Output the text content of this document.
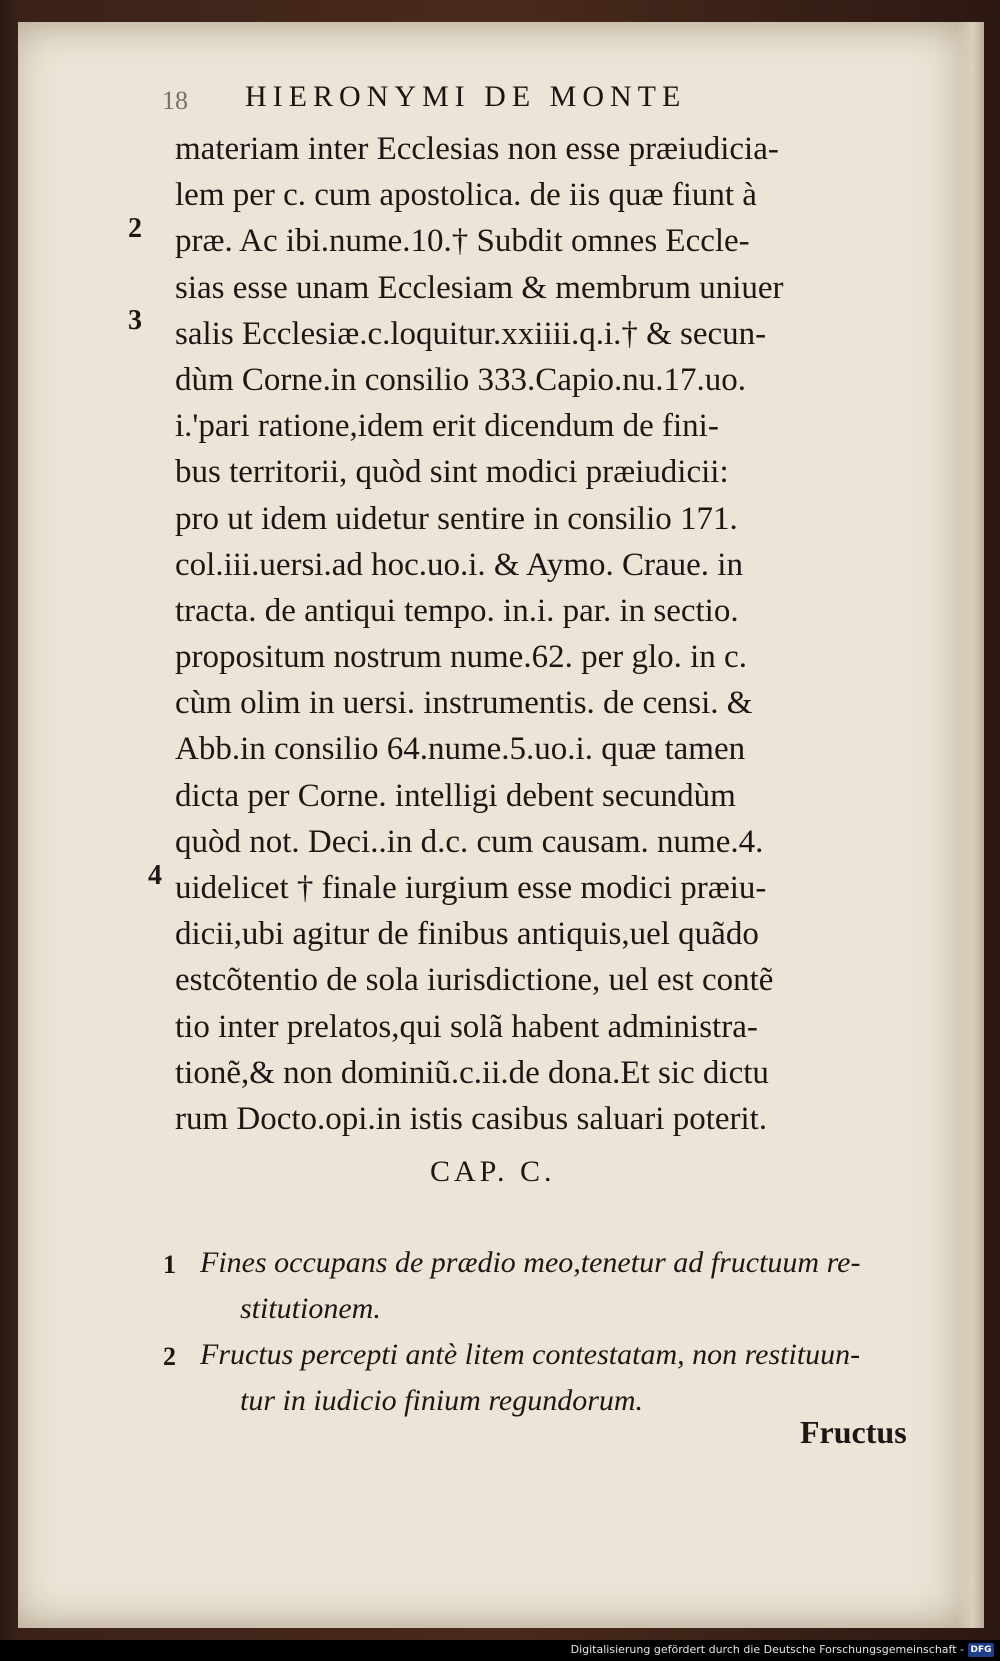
18 HIERONYMI DE MONTE
2
3
4
materiam inter Ecclesias non esse præiudicia-
lem per c. cum apostolica. de iis quæ fiunt à
præ. Ac ibi.nume.10.† Subdit omnes Eccle-
sias esse unam Ecclesiam & membrum uniuer
salis Ecclesiæ.c.loquitur.xxiiii.q.i.† & secun-
dùm Corne.in consilio 333.Capio.nu.17.uo.
i.'pari ratione,idem erit dicendum de fini-
bus territorii, quòd sint modici præiudicii:
pro ut idem uidetur sentire in consilio 171.
col.iii.uersi.ad hoc.uo.i. & Aymo. Craue. in
tracta. de antiqui tempo. in.i. par. in sectio.
propositum nostrum nume.62. per glo. in c.
cùm olim in uersi. instrumentis. de censi. &
Abb.in consilio 64.nume.5.uo.i. quæ tamen
dicta per Corne. intelligi debent secundùm
quòd not. Deci..in d.c. cum causam. nume.4.
uidelicet † finale iurgium esse modici præiu-
dicii,ubi agitur de finibus antiquis,uel quãdo
estcõtentio de sola iurisdictione, uel est contẽ
tio inter prelatos,qui solã habent administra-
tionẽ,& non dominiũ.c.ii.de dona.Et sic dictu
rum Docto.opi.in istis casibus saluari poterit.
CAP. C.
1
2
Fines occupans de prædio meo,tenetur ad fructuum re-
stitutionem.
Fructus percepti antè litem contestatam, non restituun-
tur in iudicio finium regundorum.
Fructus
Digitalisierung gefördert durch die Deutsche Forschungsgemeinschaft - DFG
